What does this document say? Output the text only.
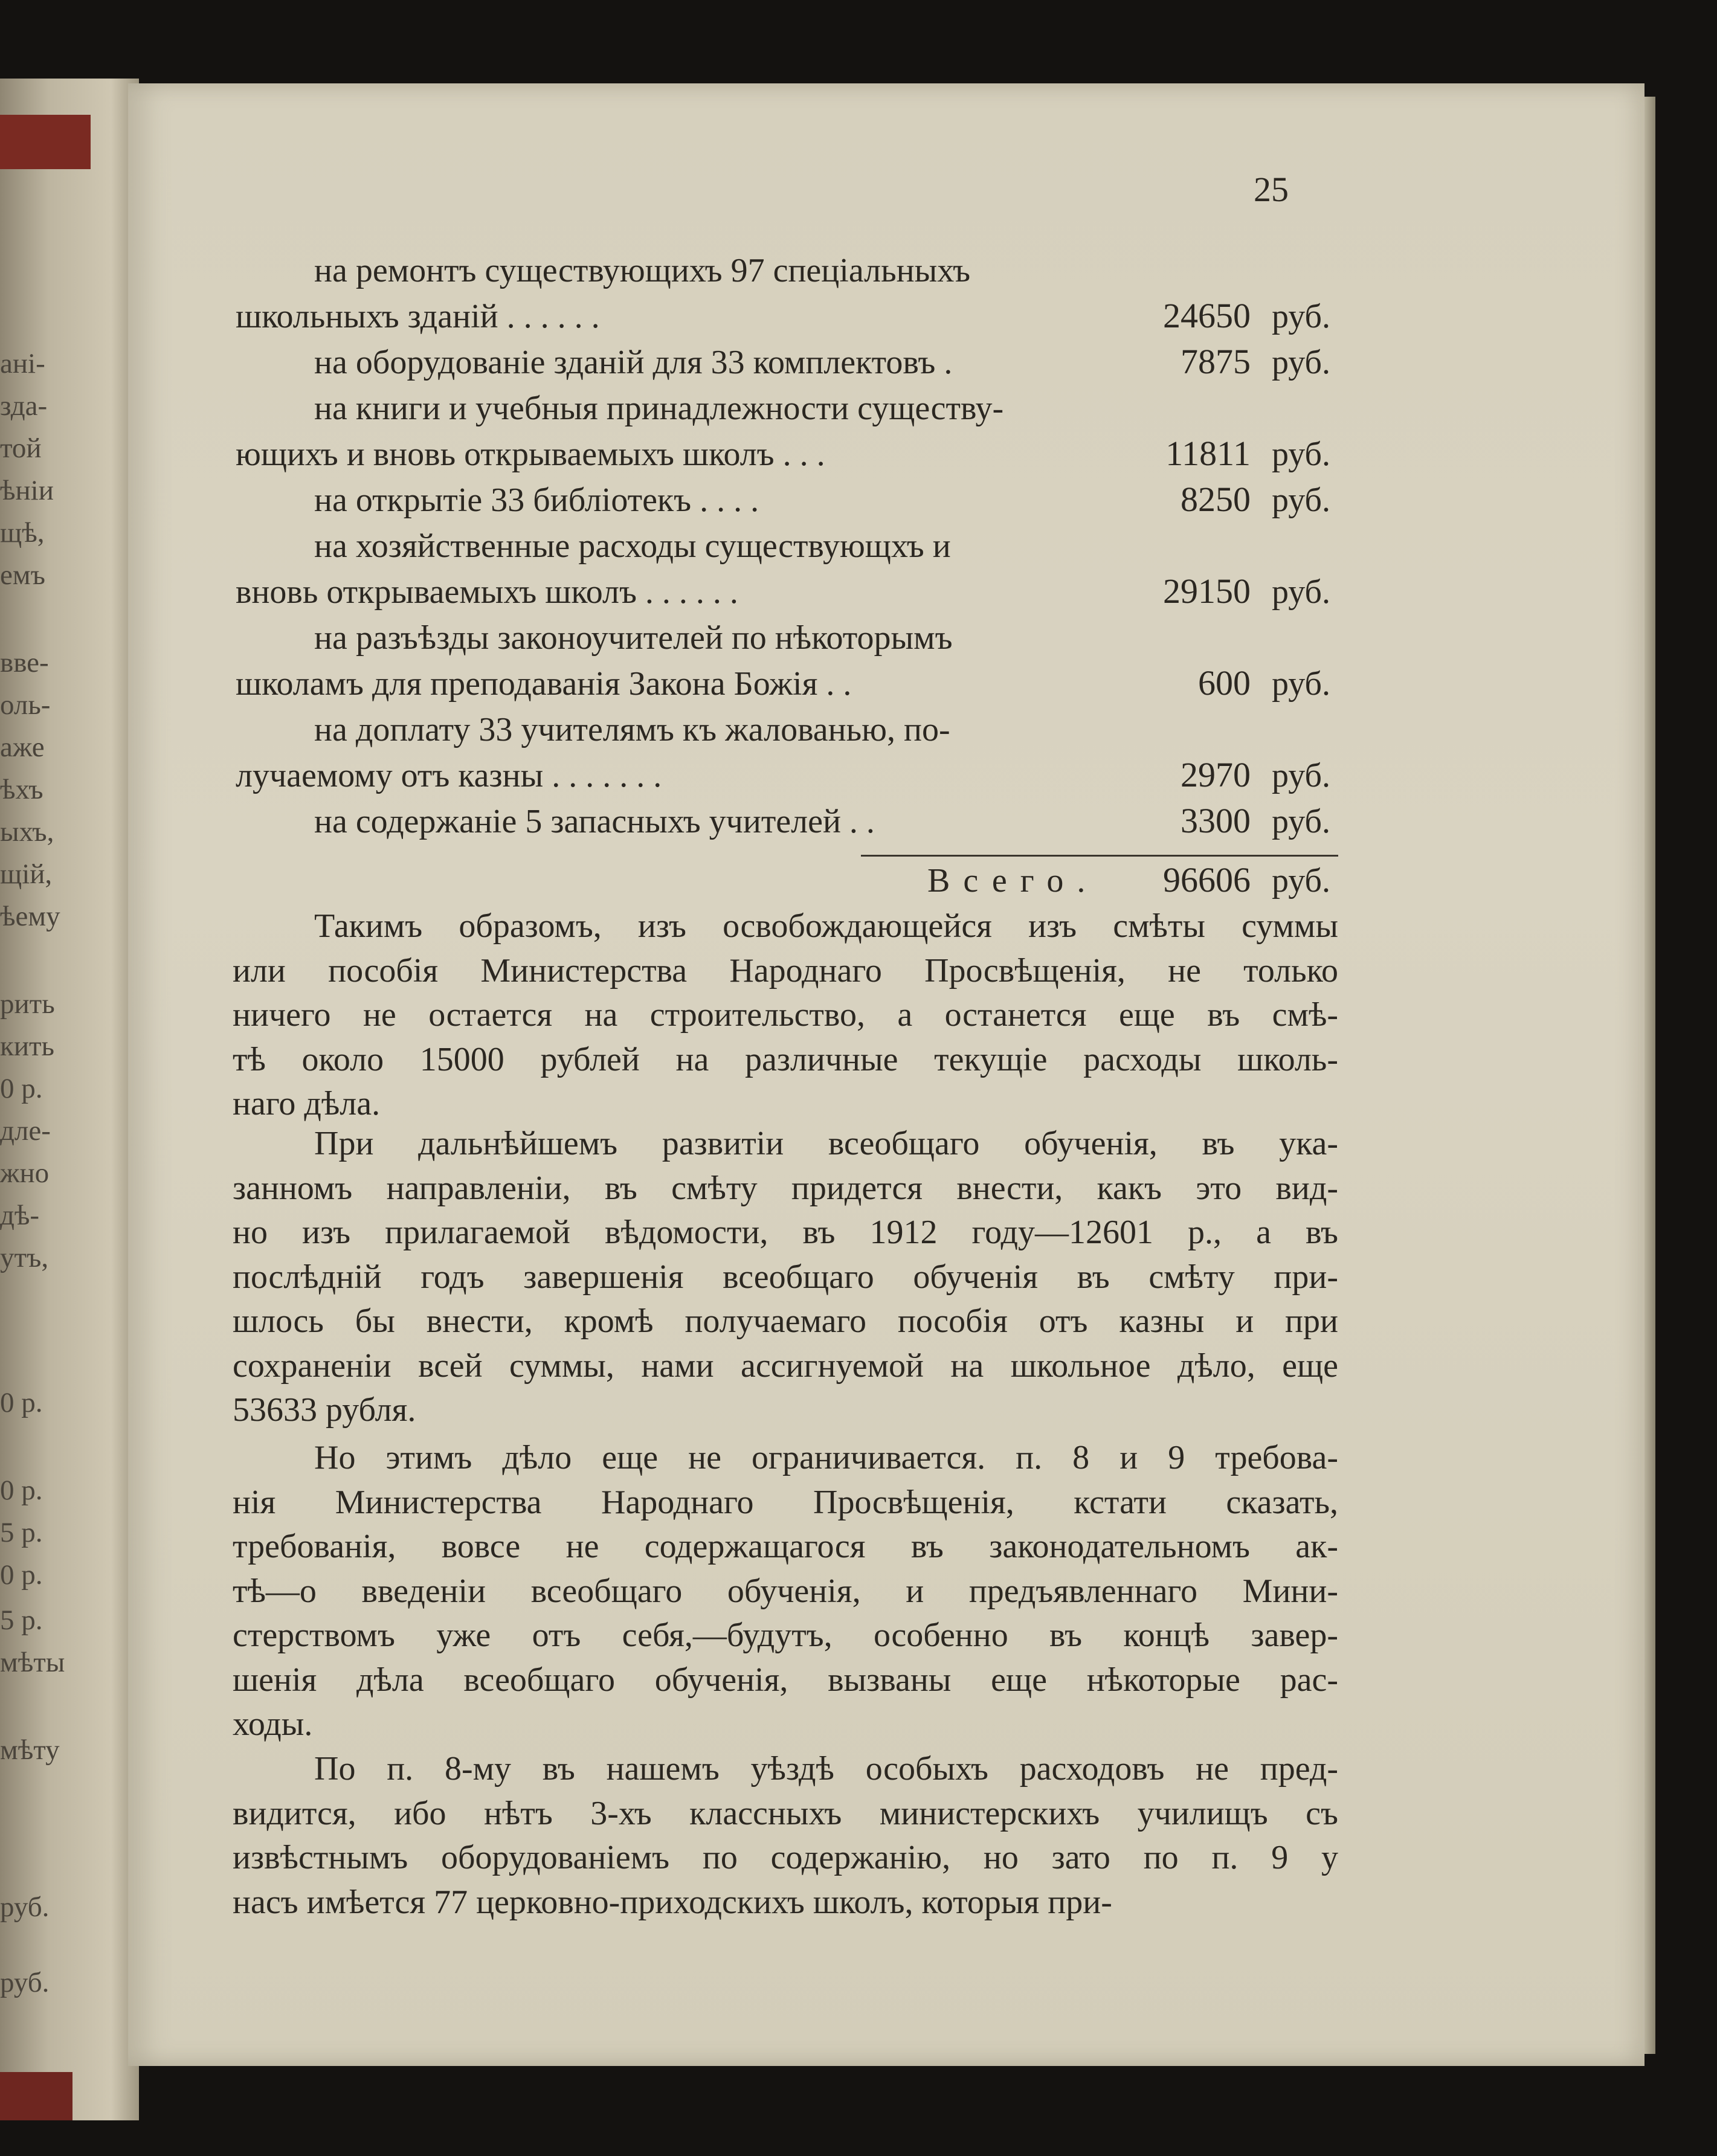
ані-
зда-
той
ѣніи
щѣ,
емъ
вве-
оль-
аже
ѣхъ
ыхъ,
щій,
ѣему
рить
кить
0 р.
дле-
жно
дѣ-
утъ,
0 р.
0 р.
5 р.
0 р.
5 р.
мѣты
мѣту
руб.
руб.
25
на ремонтъ существующихъ 97 спеціальныхъ
школьныхъ зданій . . . . . .	24650 руб.
на оборудованіе зданій для 33 комплектовъ .	7875 руб.
на книги и учебныя принадлежности существу-
ющихъ и вновь открываемыхъ школъ . . .	11811 руб.
на открытіе 33 библіотекъ . . . .	8250 руб.
на хозяйственные расходы существующхъ и
вновь открываемыхъ школъ . . . . . .	29150 руб.
на разъѣзды законоучителей по нѣкоторымъ
школамъ для преподаванія Закона Божія . .	600 руб.
на доплату 33 учителямъ къ жалованью, по-
лучаемому отъ казны . . . . . . .	2970 руб.
на содержаніе 5 запасныхъ учителей . .	3300 руб.
Всего.	96606 руб.
Такимъ образомъ, изъ освобождающейся изъ смѣты суммы
или пособія Министерства Народнаго Просвѣщенія, не только
ничего не остается на строительство, а останется еще въ смѣ-
тѣ около 15000 рублей на различные текущіе расходы школь-
наго дѣла.
При дальнѣйшемъ развитіи всеобщаго обученія, въ ука-
занномъ направленіи, въ смѣту придется внести, какъ это вид-
но изъ прилагаемой вѣдомости, въ 1912 году—12601 р., а въ
послѣдній годъ завершенія всеобщаго обученія въ смѣту при-
шлось бы внести, кромѣ получаемаго пособія отъ казны и при
сохраненіи всей суммы, нами ассигнуемой на школьное дѣло, еще
53633 рубля.
Но этимъ дѣло еще не ограничивается. п. 8 и 9 требова-
нія Министерства Народнаго Просвѣщенія, кстати сказать,
требованія, вовсе не содержащагося въ законодательномъ ак-
тѣ—о введеніи всеобщаго обученія, и предъявленнаго Мини-
стерствомъ уже отъ себя,—будутъ, особенно въ концѣ завер-
шенія дѣла всеобщаго обученія, вызваны еще нѣкоторые рас-
ходы.
По п. 8-му въ нашемъ уѣздѣ особыхъ расходовъ не пред-
видится, ибо нѣтъ 3-хъ классныхъ министерскихъ училищъ съ
извѣстнымъ оборудованіемъ по содержанію, но зато по п. 9 у
насъ имѣется 77 церковно-приходскихъ школъ, которыя при-
